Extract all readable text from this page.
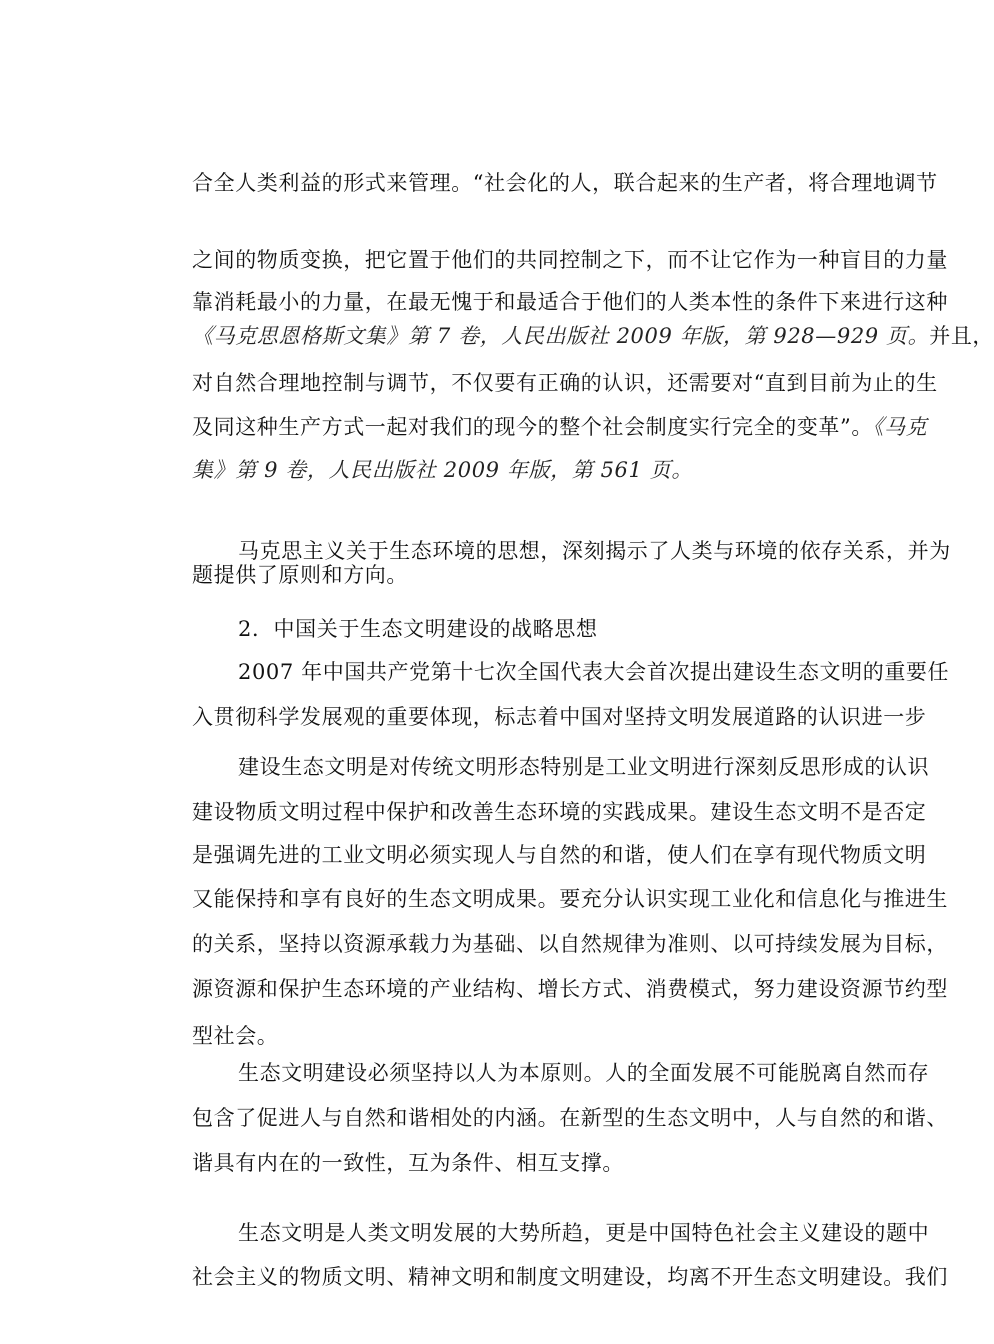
合全人类利益的形式来管理。“社会化的人，联合起来的生产者，将合理地调节
之间的物质变换，把它置于他们的共同控制之下，而不让它作为一种盲目的力量
靠消耗最小的力量，在最无愧于和最适合于他们的人类本性的条件下来进行这种
《马克思恩格斯文集》第 7 卷，人民出版社 2009 年版，第 928—929 页。并且，
对自然合理地控制与调节，不仅要有正确的认识，还需要对“直到目前为止的生
及同这种生产方式一起对我们的现今的整个社会制度实行完全的变革”。《马克
集》第 9 卷，人民出版社 2009 年版，第 561 页。
马克思主义关于生态环境的思想，深刻揭示了人类与环境的依存关系，并为
题提供了原则和方向。
2．中国关于生态文明建设的战略思想
2007 年中国共产党第十七次全国代表大会首次提出建设生态文明的重要任
入贯彻科学发展观的重要体现，标志着中国对坚持文明发展道路的认识进一步
建设生态文明是对传统文明形态特别是工业文明进行深刻反思形成的认识
建设物质文明过程中保护和改善生态环境的实践成果。建设生态文明不是否定
是强调先进的工业文明必须实现人与自然的和谐，使人们在享有现代物质文明
又能保持和享有良好的生态文明成果。要充分认识实现工业化和信息化与推进生
的关系，坚持以资源承载力为基础、以自然规律为准则、以可持续发展为目标，
源资源和保护生态环境的产业结构、增长方式、消费模式，努力建设资源节约型
型社会。
生态文明建设必须坚持以人为本原则。人的全面发展不可能脱离自然而存
包含了促进人与自然和谐相处的内涵。在新型的生态文明中，人与自然的和谐、
谐具有内在的一致性，互为条件、相互支撑。
生态文明是人类文明发展的大势所趋，更是中国特色社会主义建设的题中
社会主义的物质文明、精神文明和制度文明建设，均离不开生态文明建设。我们
